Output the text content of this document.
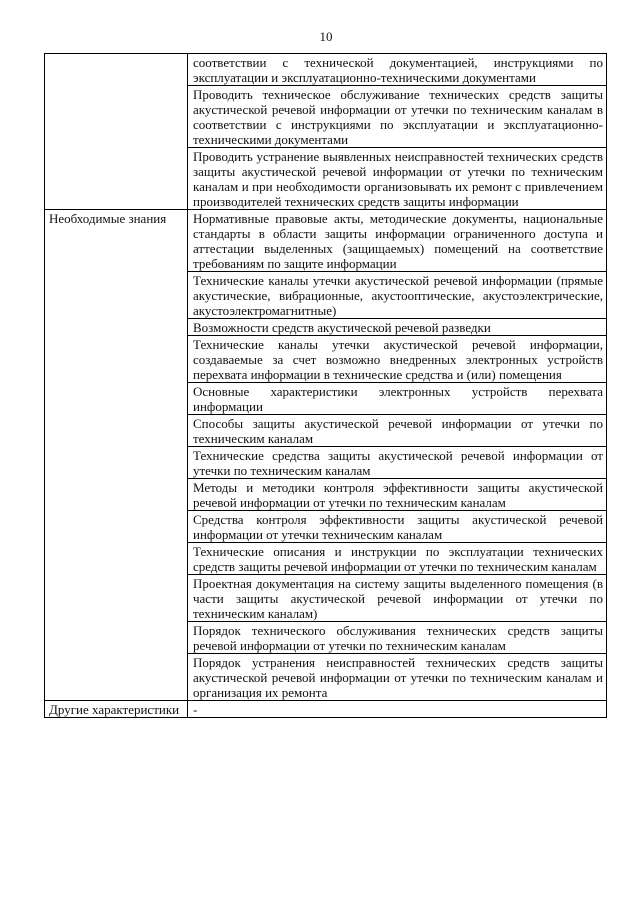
10
	соответствии с технической документацией, инструкциями по эксплуатации и эксплуатационно-техническими документами
	Проводить техническое обслуживание технических средств защиты акустической речевой информации от утечки по техническим каналам в соответствии с инструкциями по эксплуатации и эксплуатационно-техническими документами
	Проводить устранение выявленных неисправностей технических средств защиты акустической речевой информации от утечки по техническим каналам и при необходимости организовывать их ремонт с привлечением производителей технических средств защиты информации
Необходимые знания	Нормативные правовые акты, методические документы, национальные стандарты в области защиты информации ограниченного доступа и аттестации выделенных (защищаемых) помещений на соответствие требованиям по защите информации
	Технические каналы утечки акустической речевой информации (прямые акустические, вибрационные, акустооптические, акустоэлектрические, акустоэлектромагнитные)
	Возможности средств акустической речевой разведки
	Технические каналы утечки акустической речевой информации, создаваемые за счет возможно внедренных электронных устройств перехвата информации в технические средства и (или) помещения
	Основные характеристики электронных устройств перехвата информации
	Способы защиты акустической речевой информации от утечки по техническим каналам
	Технические средства защиты акустической речевой информации от утечки по техническим каналам
	Методы и методики контроля эффективности защиты акустической речевой информации от утечки по техническим каналам
	Средства контроля эффективности защиты акустической речевой информации от утечки техническим каналам
	Технические описания и инструкции по эксплуатации технических средств защиты речевой информации от утечки по техническим каналам
	Проектная документация на систему защиты выделенного помещения (в части защиты акустической речевой информации от утечки по техническим каналам)
	Порядок технического обслуживания технических средств защиты речевой информации от утечки по техническим каналам
	Порядок устранения неисправностей технических средств защиты акустической речевой информации от утечки по техническим каналам и организация их ремонта
Другие характеристики	-
